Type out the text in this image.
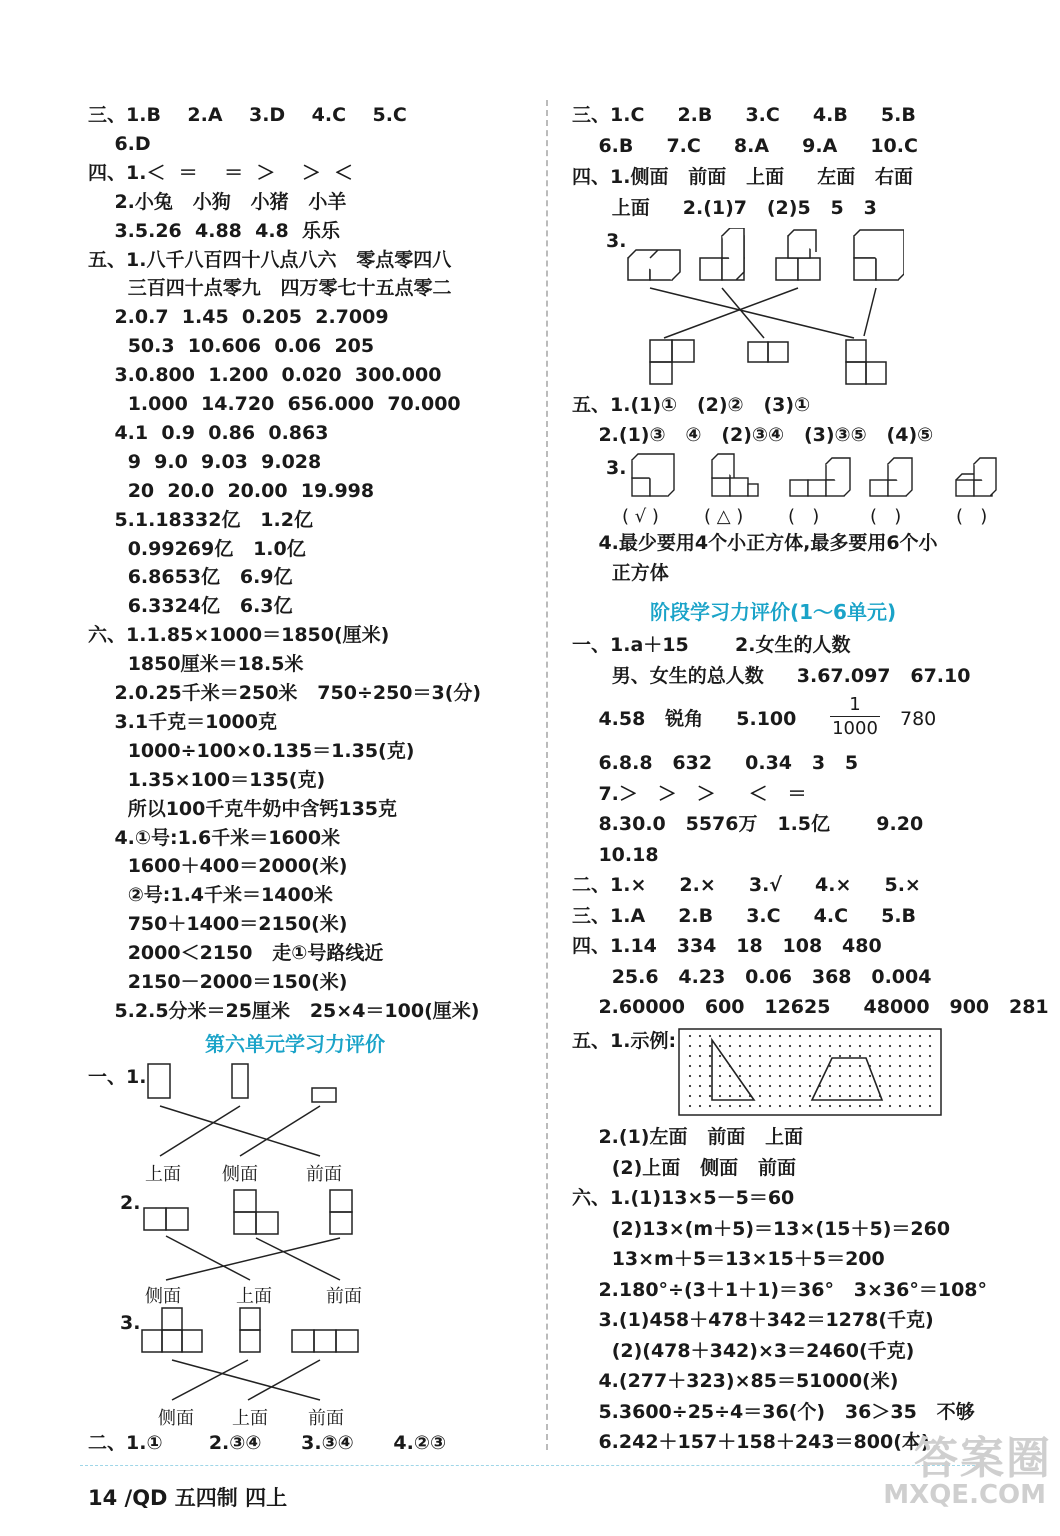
三、1.B    2.A    3.D    4.C    5.C
6.D
四、1.＜  ＝    ＝  ＞    ＞  ＜
2.小兔   小狗   小猪   小羊
3.5.26  4.88  4.8  乐乐
五、1.八千八百四十八点八六   零点零四八
三百四十点零九   四万零七十五点零二
2.0.7  1.45  0.205  2.7009
50.3  10.606  0.06  205
3.0.800  1.200  0.020  300.000
1.000  14.720  656.000  70.000
4.1  0.9  0.86  0.863
9  9.0  9.03  9.028
20  20.0  20.00  19.998
5.1.18332亿   1.2亿
0.99269亿   1.0亿
6.8653亿   6.9亿
6.3324亿   6.3亿
六、1.1.85×1000＝1850(厘米)
1850厘米＝18.5米
2.0.25千米＝250米   750÷250＝3(分)
3.1千克＝1000克
1000÷100×0.135＝1.35(克)
1.35×100＝135(克)
所以100千克牛奶中含钙135克
4.①号:1.6千米＝1600米
1600＋400＝2000(米)
②号:1.4千米＝1400米
750＋1400＝2150(米)
2000＜2150   走①号路线近
2150－2000＝150(米)
5.2.5分米＝25厘米   25×4＝100(厘米)
第六单元学习力评价
一、1.
上面 侧面	前面
2.
侧面	上面	前面
3.
侧面 上面 前面
二、1.①       2.③④      3.③④      4.②③
三、1.C     2.B     3.C     4.B     5.B
6.B     7.C     8.A     9.A     10.C
四、1.侧面   前面   上面     左面   右面
上面     2.(1)7   (2)5   5   3
3.
五、1.(1)①   (2)②   (3)①
2.(1)③   ④   (2)③④   (3)③⑤   (4)⑤
3.
( √ )	( △ ) (   )	(   )	(   )
4.最少要用4个小正方体,最多要用6个小
正方体
阶段学习力评价(1～6单元)
一、1.a＋15       2.女生的人数
男、女生的总人数     3.67.097   67.10
4.58   锐角     5.100
1
1000 780
6.8.8   632     0.34   3   5
7.＞   ＞   ＞     ＜   ＝
8.30.0   5576万   1.5亿       9.20
10.18
二、1.×     2.×     3.√     4.×     5.×
三、1.A     2.B     3.C     4.C     5.B
四、1.14   334   18   108   480
25.6   4.23   0.06   368   0.004
2.60000   600   12625     48000   900   281
五、1.示例:
2.(1)左面   前面   上面
(2)上面   侧面   前面
六、1.(1)13×5－5＝60
(2)13×(m＋5)＝13×(15＋5)＝260
13×m＋5＝13×15＋5＝200
2.180°÷(3＋1＋1)＝36°   3×36°＝108°
3.(1)458＋478＋342＝1278(千克)
(2)(478＋342)×3＝2460(千克)
4.(277＋323)×85＝51000(米)
5.3600÷25÷4＝36(个)   36＞35   不够
6.242＋157＋158＋243＝800(本)
14 /QD 五四制 四上
答案圈
MXQE.COM
